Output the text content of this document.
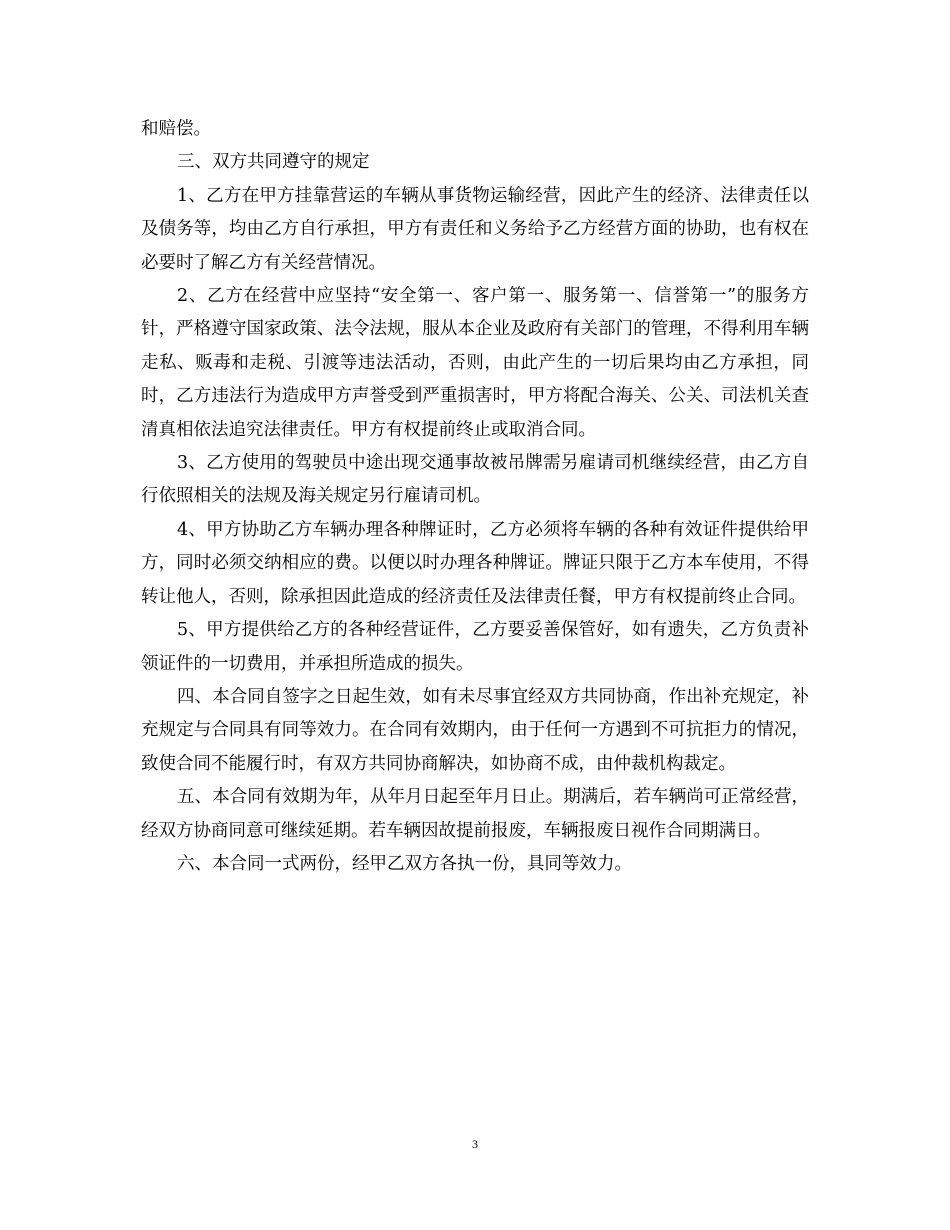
和赔偿。

三、双方共同遵守的规定

1、乙方在甲方挂靠营运的车辆从事货物运输经营，因此产生的经济、法律责任以及债务等，均由乙方自行承担，甲方有责任和义务给予乙方经营方面的协助，也有权在必要时了解乙方有关经营情况。

2、乙方在经营中应坚持“安全第一、客户第一、服务第一、信誉第一”的服务方针，严格遵守国家政策、法令法规，服从本企业及政府有关部门的管理，不得利用车辆走私、贩毒和走税、引渡等违法活动，否则，由此产生的一切后果均由乙方承担，同时，乙方违法行为造成甲方声誉受到严重损害时，甲方将配合海关、公关、司法机关查清真相依法追究法律责任。甲方有权提前终止或取消合同。

3、乙方使用的驾驶员中途出现交通事故被吊牌需另雇请司机继续经营，由乙方自行依照相关的法规及海关规定另行雇请司机。

4、甲方协助乙方车辆办理各种牌证时，乙方必须将车辆的各种有效证件提供给甲方，同时必须交纳相应的费。以便以时办理各种牌证。牌证只限于乙方本车使用，不得转让他人，否则，除承担因此造成的经济责任及法律责任餐，甲方有权提前终止合同。

5、甲方提供给乙方的各种经营证件，乙方要妥善保管好，如有遗失，乙方负责补领证件的一切费用，并承担所造成的损失。

四、本合同自签字之日起生效，如有未尽事宜经双方共同协商，作出补充规定，补充规定与合同具有同等效力。在合同有效期内，由于任何一方遇到不可抗拒力的情况，致使合同不能履行时，有双方共同协商解决，如协商不成，由仲裁机构裁定。

五、本合同有效期为年，从年月日起至年月日止。期满后，若车辆尚可正常经营，经双方协商同意可继续延期。若车辆因故提前报废，车辆报废日视作合同期满日。

六、本合同一式两份，经甲乙双方各执一份，具同等效力。

3
